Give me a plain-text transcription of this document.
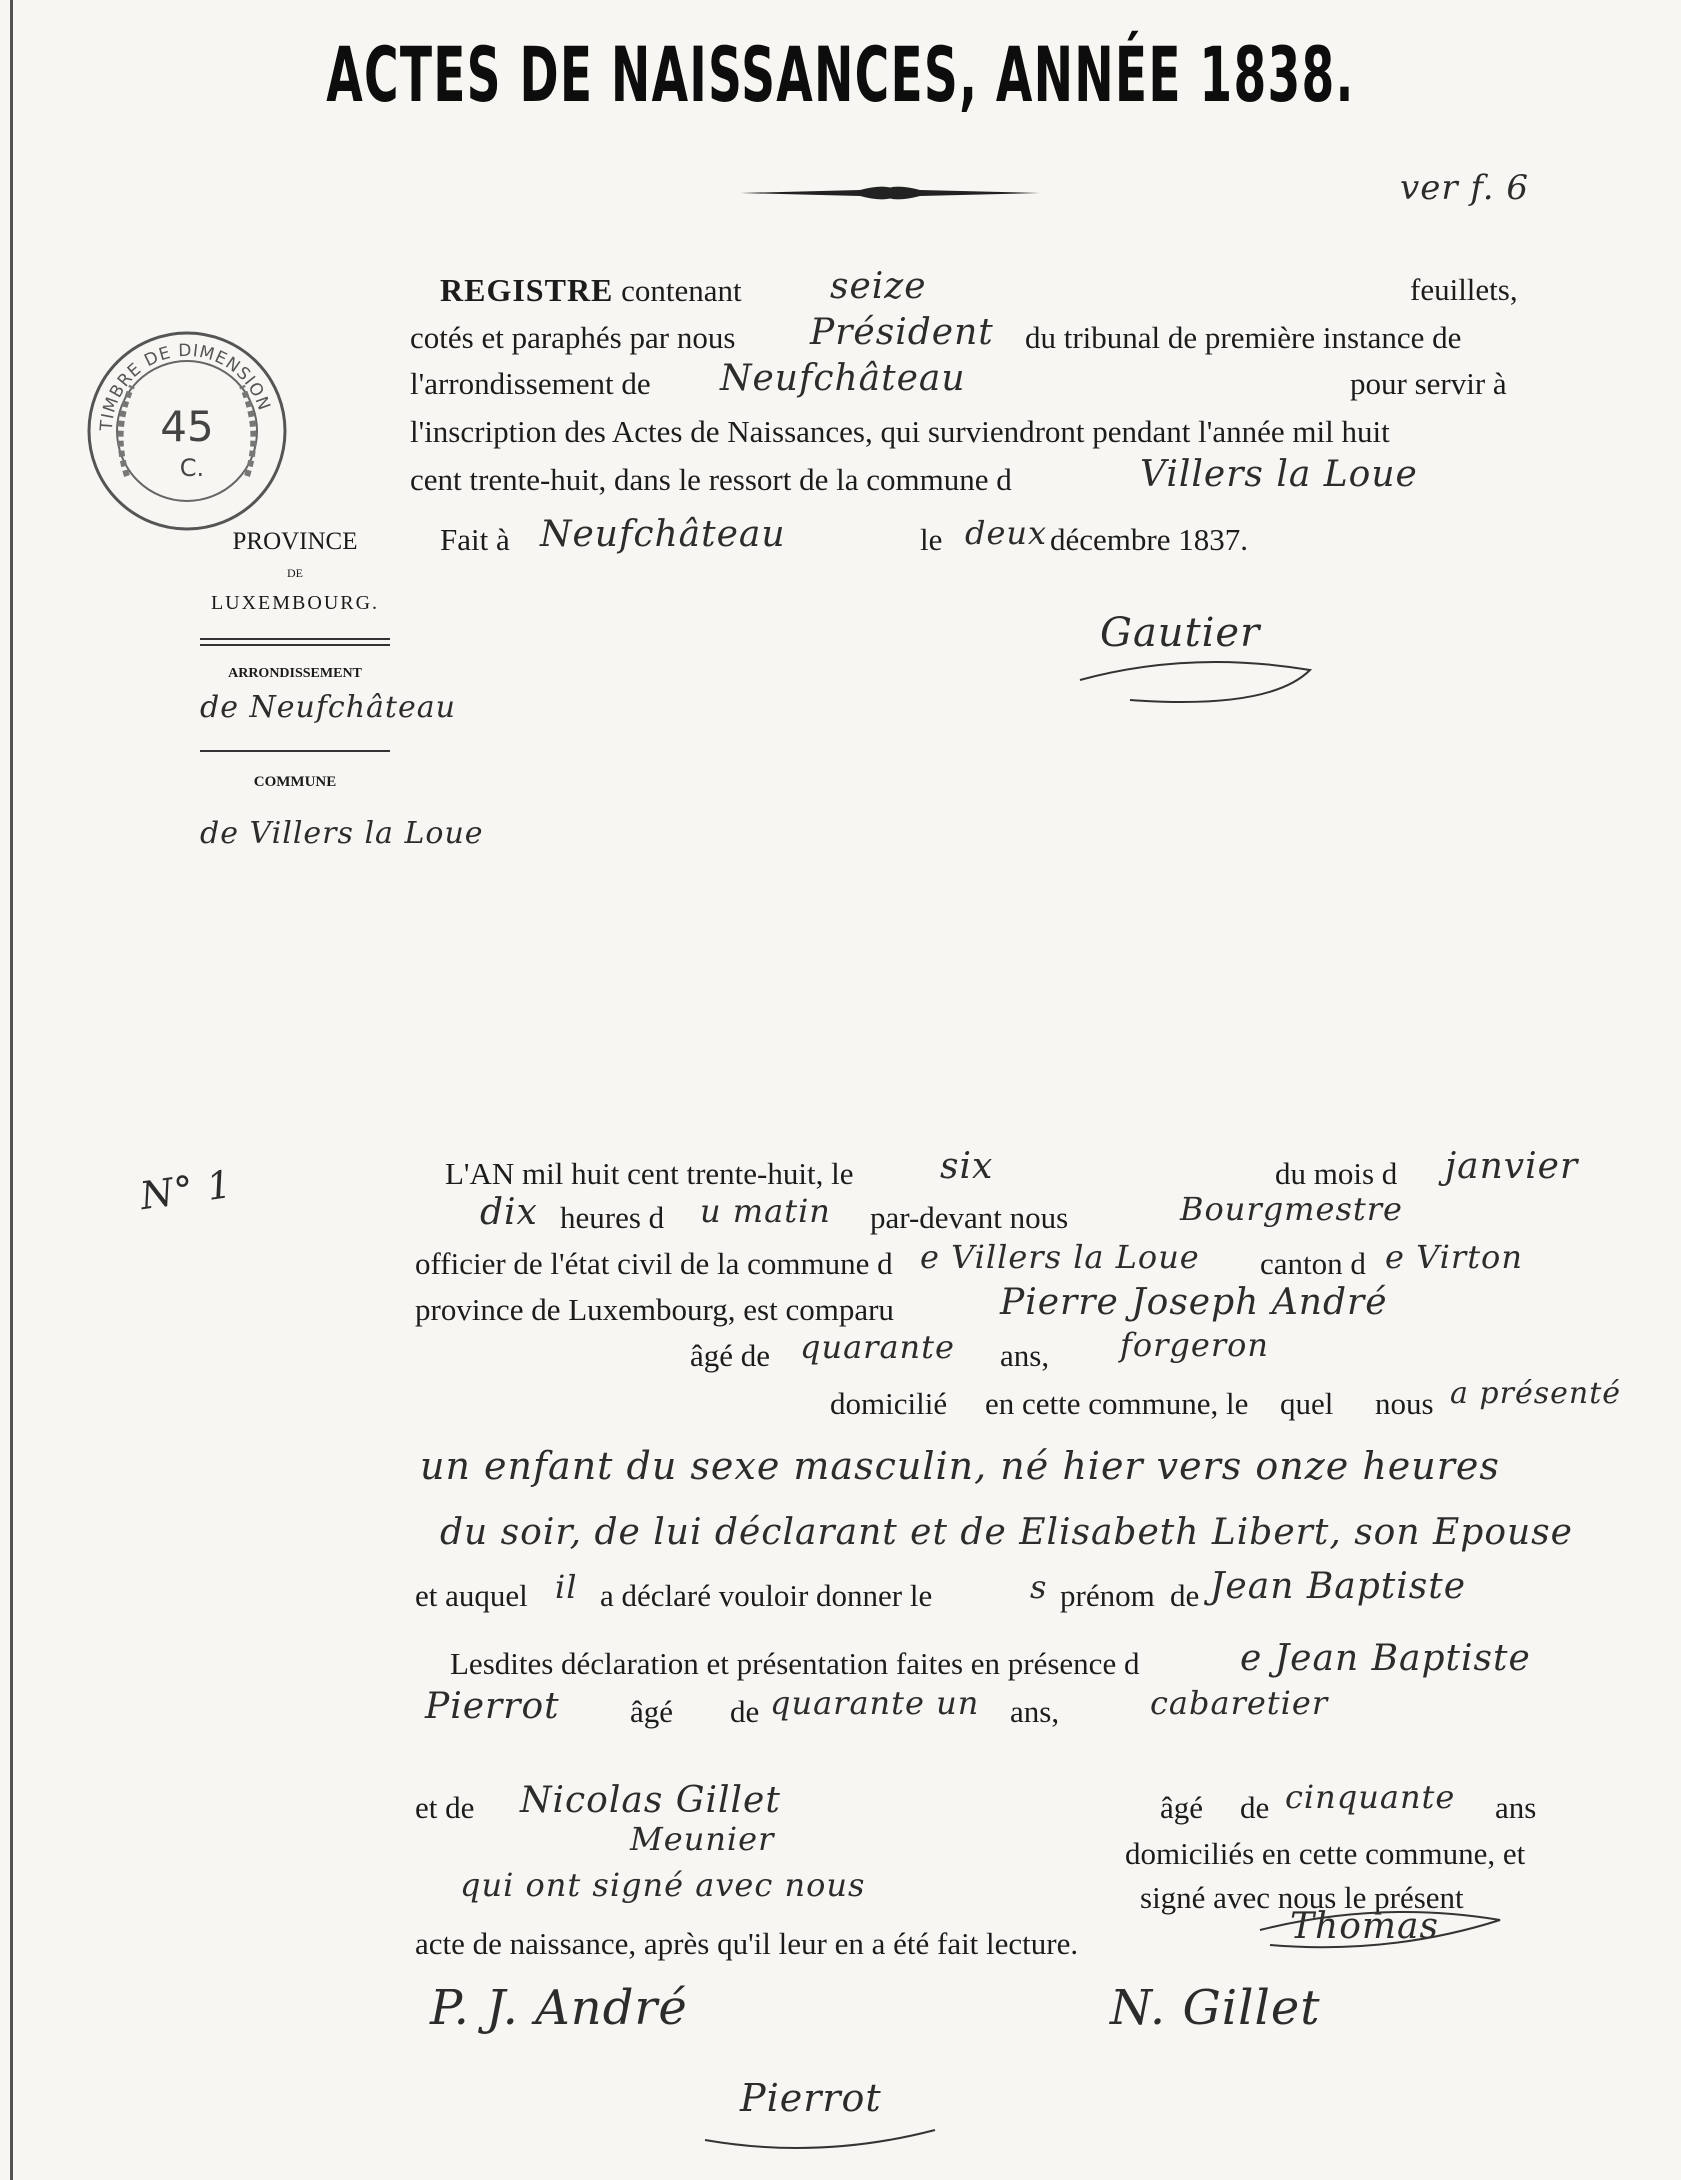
ACTES DE NAISSANCES, ANNÉE 1838.
ver f. 6
TIMBRE DE DIMENSION
45
C.
PROVINCE
DE
LUXEMBOURG.
ARRONDISSEMENT
de Neufchâteau
COMMUNE
de Villers la Loue
REGISTRE contenant seize	feuillets,
cotés et paraphés par nous Président du tribunal de première instance de
l'arrondissement de Neufchâteau	pour servir à
l'inscription des Actes de Naissances, qui surviendront pendant l'année mil huit
cent trente-huit, dans le ressort de la commune d	Villers la Loue
Fait à Neufchâteau	le deux décembre 1837.
Gautier
N° 1	L'AN mil huit cent trente-huit, le six	du mois d janvier
dix heures d u matin par-devant nous	Bourgmestre
officier de l'état civil de la commune d e Villers la Loue canton d e Virton
province de Luxembourg, est comparu	Pierre Joseph André
âgé de quarante ans, forgeron
domicilié en cette commune, le quel nous a présenté
un enfant du sexe masculin, né hier vers onze heures
du soir, de lui déclarant et de Elisabeth Libert, son Epouse
et auquel il a déclaré vouloir donner le	s prénom de Jean Baptiste
Lesdites déclaration et présentation faites en présence d	e Jean Baptiste
Pierrot âgé de quarante un ans,	cabaretier
et de Nicolas Gillet	âgé de cinquante ans
Meunier	domiciliés en cette commune, et
qui ont signé avec nous	signé avec nous le présent
acte de naissance, après qu'il leur en a été fait lecture.	Thomas
P. J. André	N. Gillet
Pierrot
